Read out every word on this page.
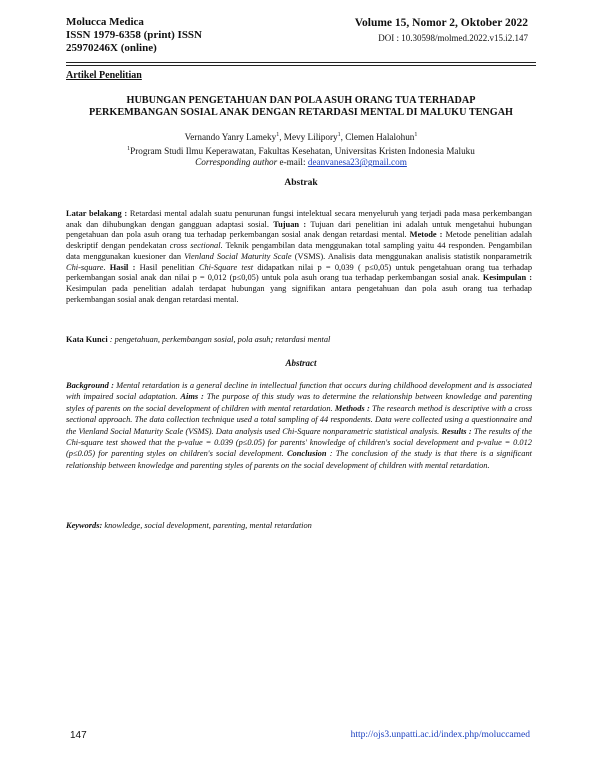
Molucca Medica
ISSN 1979-6358 (print) ISSN
25970246X (online)
Volume 15, Nomor 2, Oktober 2022
DOI : 10.30598/molmed.2022.v15.i2.147
Artikel Penelitian
HUBUNGAN PENGETAHUAN DAN POLA ASUH ORANG TUA TERHADAP
PERKEMBANGAN SOSIAL ANAK DENGAN RETARDASI MENTAL DI MALUKU TENGAH
Vernando Yanry Lameky$^1$, Mevy Lilipory$^1$, Clemen Halalohun$^1$
$^1$Program Studi Ilmu Keperawatan, Fakultas Kesehatan, Universitas Kristen Indonesia Maluku
Corresponding author e-mail: deanvanesa23@gmail.com
Abstrak
Latar belakang : Retardasi mental adalah suatu penurunan fungsi intelektual secara menyeluruh yang terjadi pada masa perkembangan anak dan dihubungkan dengan gangguan adaptasi sosial. Tujuan : Tujuan dari penelitian ini adalah untuk mengetahui hubungan pengetahuan dan pola asuh orang tua terhadap perkembangan sosial anak dengan retardasi mental. Metode : Metode penelitian adalah deskriptif dengan pendekatan cross sectional. Teknik pengambilan data menggunakan total sampling yaitu 44 responden. Pengambilan data menggunakan kuesioner dan Vienland Social Maturity Scale (VSMS). Analisis data menggunakan analisis statistik nonparametrik Chi-square. Hasil : Hasil penelitian Chi-Square test didapatkan nilai p = 0,039 ( p≤0,05) untuk pengetahuan orang tua terhadap perkembangan sosial anak dan nilai p = 0,012 (p≤0,05) untuk pola asuh orang tua terhadap perkembangan sosial anak. Kesimpulan : Kesimpulan pada penelitian adalah terdapat hubungan yang signifikan antara pengetahuan dan pola asuh orang tua terhadap perkembangan sosial anak dengan retardasi mental.
Kata Kunci : pengetahuan, perkembangan sosial, pola asuh; retardasi mental
Abstract
Background : Mental retardation is a general decline in intellectual function that occurs during childhood development and is associated with impaired social adaptation. Aims : The purpose of this study was to determine the relationship between knowledge and parenting styles of parents on the social development of children with mental retardation. Methods : The research method is descriptive with a cross sectional approach. The data collection technique used a total sampling of 44 respondents. Data were collected using a questionnaire and the Vienland Social Maturity Scale (VSMS). Data analysis used Chi-Square nonparametric statistical analysis. Results : The results of the Chi-square test showed that the p-value = 0.039 (p≤0.05) for parents' knowledge of children's social development and p-value = 0.012 (p≤0.05) for parenting styles on children's social development. Conclusion : The conclusion of the study is that there is a significant relationship between knowledge and parenting styles of parents on the social development of children with mental retardation.
Keywords: knowledge, social development, parenting, mental retardation
147	http://ojs3.unpatti.ac.id/index.php/moluccamed
